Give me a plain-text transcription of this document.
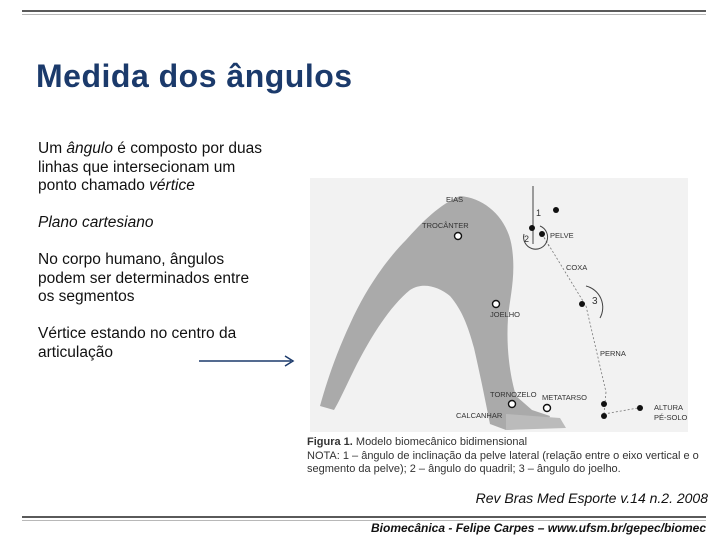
Medida dos ângulos

Um ângulo é composto por duas linhas que intersecionam um ponto chamado vértice

Plano cartesiano

No corpo humano, ângulos podem ser determinados entre os segmentos

Vértice estando no centro da articulação

EIAS
TROCÂNTER
PELVE
COXA
JOELHO
PERNA
TORNOZELO METATARSO
CALCANHAR
ALTURA
PÉ-SOLO
1
2
3

Figura 1. Modelo biomecânico bidimensional

NOTA: 1 – ângulo de inclinação da pelve lateral (relação entre o eixo vertical e o segmento da pelve); 2 – ângulo do quadril; 3 – ângulo do joelho.

Rev Bras Med Esporte v.14 n.2. 2008
Biomecânica - Felipe Carpes – www.ufsm.br/gepec/biomec
